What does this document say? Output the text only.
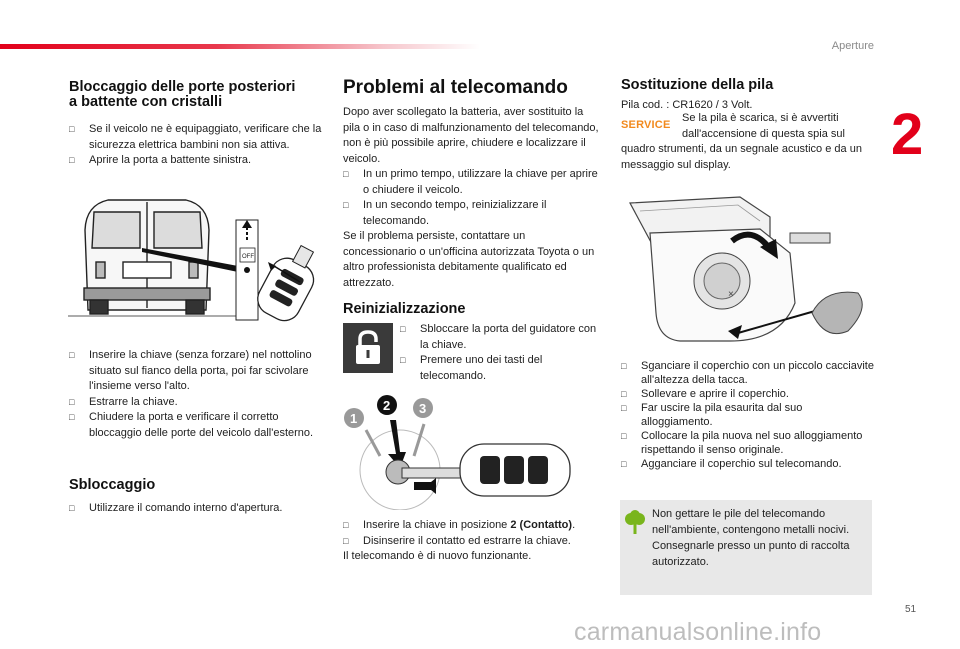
Aperture
2
Bloccaggio delle porte posteriori
a battente con cristalli
□ Se il veicolo ne è equipaggiato, verificare che la sicurezza elettrica bambini non sia attiva.
□ Aprire la porta a battente sinistra.
OFF
□ Inserire la chiave (senza forzare) nel nottolino situato sul fianco della porta, poi far scivolare l'insieme verso l'alto.
□ Estrarre la chiave.
□ Chiudere la porta e verificare il corretto bloccaggio delle porte del veicolo dall'esterno.
Sbloccaggio
□ Utilizzare il comando interno d'apertura.
Problemi al telecomando

Dopo aver scollegato la batteria, aver sostituito la pila o in caso di malfunzionamento del telecomando, non è più possibile aprire, chiudere e localizzare il veicolo.

□ In un primo tempo, utilizzare la chiave per aprire o chiudere il veicolo.
□ In un secondo tempo, reinizializzare il telecomando.

Se il problema persiste, contattare un concessionario o un'officina autorizzata Toyota o un altro professionista debitamente qualificato ed attrezzato.

Reinizializzazione
□ Sbloccare la porta del guidatore con la chiave.
□ Premere uno dei tasti del telecomando.
1
2 3
□ Inserire la chiave in posizione 2 (Contatto).
□ Disinserire il contatto ed estrarre la chiave.

Il telecomando è di nuovo funzionante.

Sostituzione della pila

Pila cod. : CR1620 / 3 Volt.

SERVICE
Se la pila è scarica, si è avvertiti dall'accensione di questa spia sul
quadro strumenti, da un segnale acustico e da un messaggio sul display.
×
□ Sganciare il coperchio con un piccolo cacciavite all'altezza della tacca.
□ Sollevare e aprire il coperchio.
□ Far uscire la pila esaurita dal suo alloggiamento.
□ Collocare la pila nuova nel suo alloggiamento rispettando il senso originale.
□ Agganciare il coperchio sul telecomando.

Non gettare le pile del telecomando nell'ambiente, contengono metalli nocivi.

Consegnarle presso un punto di raccolta autorizzato.

51
carmanualsonline.info
